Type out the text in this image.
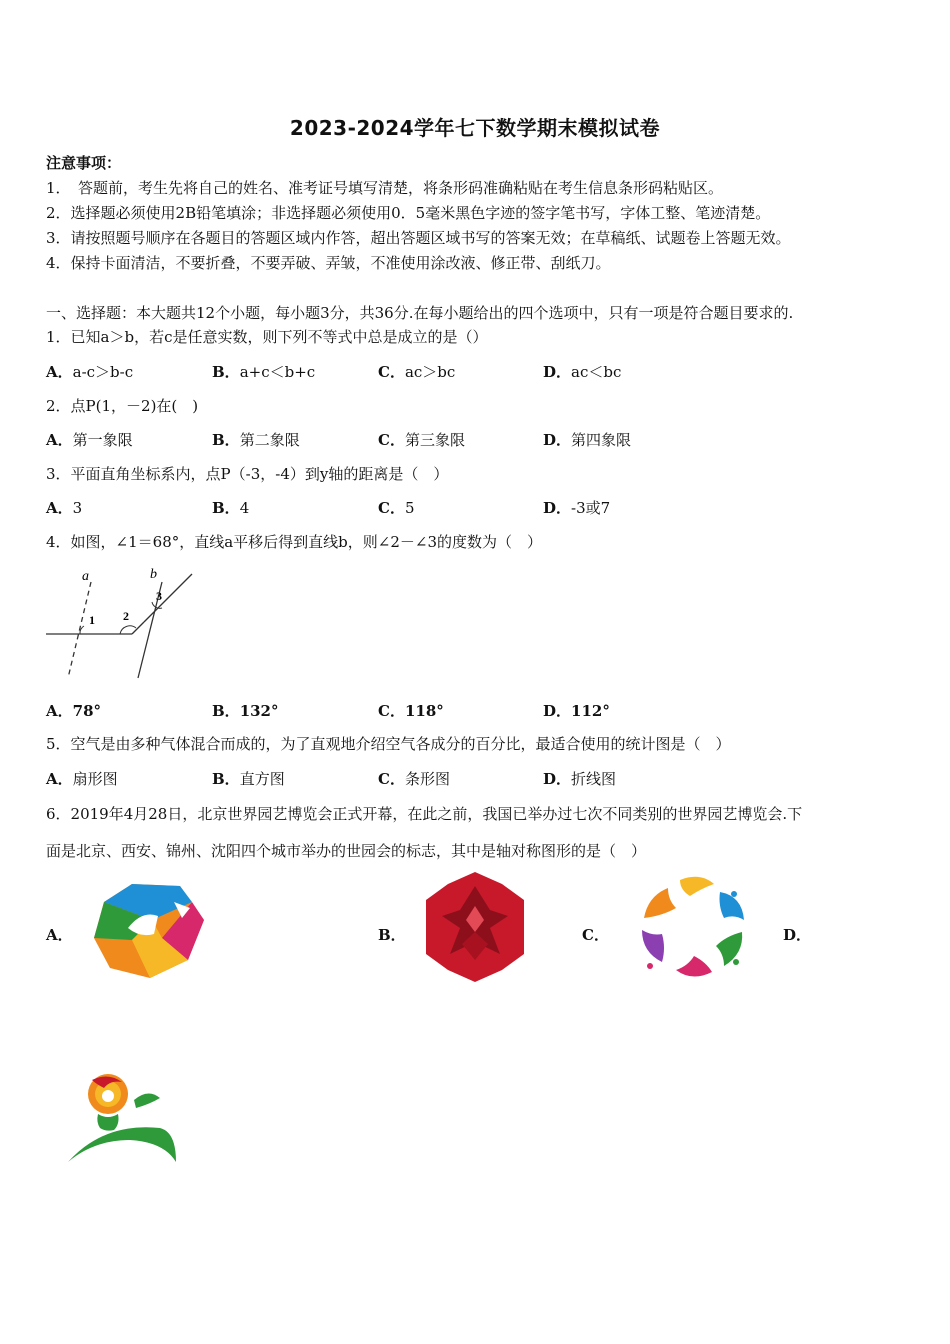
2023-2024学年七下数学期末模拟试卷
注意事项：
1．　答题前，考生先将自己的姓名、准考证号填写清楚，将条形码准确粘贴在考生信息条形码粘贴区。
2．选择题必须使用2B铅笔填涂；非选择题必须使用0．5毫米黑色字迹的签字笔书写，字体工整、笔迹清楚。
3．请按照题号顺序在各题目的答题区域内作答，超出答题区域书写的答案无效；在草稿纸、试题卷上答题无效。
4．保持卡面清洁，不要折叠，不要弄破、弄皱，不准使用涂改液、修正带、刮纸刀。
一、选择题：本大题共12个小题，每小题3分，共36分.在每小题给出的四个选项中，只有一项是符合题目要求的.
1．已知a＞b，若c是任意实数，则下列不等式中总是成立的是（）
A．a-c＞b-c	B．a+c＜b+c	C．ac＞bc	D．ac＜bc
2．点P(1，－2)在(　)
A．第一象限	B．第二象限	C．第三象限	D．第四象限
3．平面直角坐标系内，点P（-3，-4）到y轴的距离是（　）
A．3	B．4	C．5	D．-3或7
4．如图，∠1＝68°，直线a平移后得到直线b，则∠2－∠3的度数为（　）
a	b
1 2
3
A．78°	B．132°	C．118°	D．112°
5．空气是由多种气体混合而成的，为了直观地介绍空气各成分的百分比，最适合使用的统计图是（　）
A．扇形图	B．直方图	C．条形图	D．折线图
6．2019年4月28日，北京世界园艺博览会正式开幕，在此之前，我国已举办过七次不同类别的世界园艺博览会.下
面是北京、西安、锦州、沈阳四个城市举办的世园会的标志，其中是轴对称图形的是（　）
A．	B．	C．	D．
